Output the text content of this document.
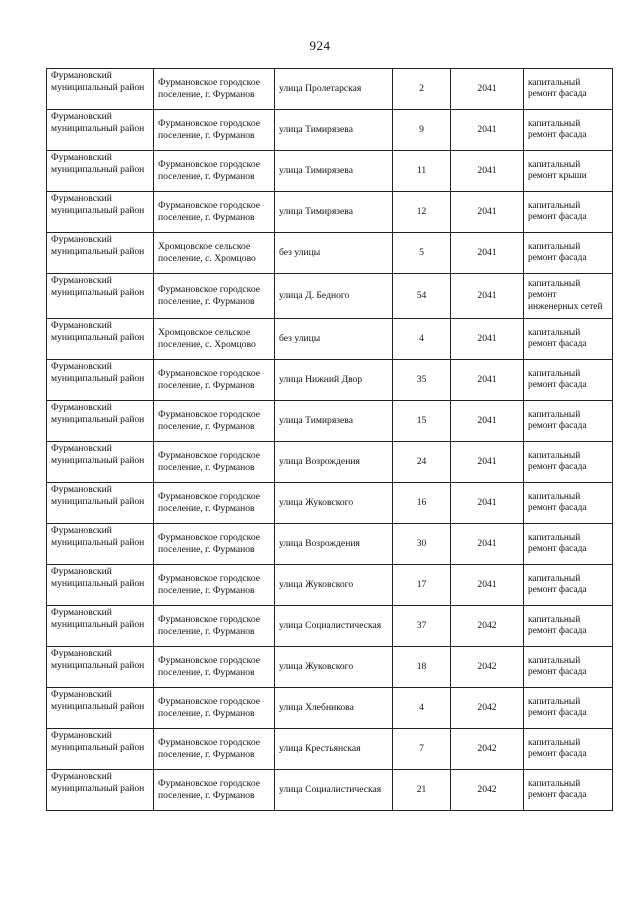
924
Фурмановский муниципальный район	Фурмановское городское поселение, г. Фурманов	улица Пролетарская	2	2041	капитальный ремонт фасада
Фурмановский муниципальный район	Фурмановское городское поселение, г. Фурманов	улица Тимирязева	9	2041	капитальный ремонт фасада
Фурмановский муниципальный район	Фурмановское городское поселение, г. Фурманов	улица Тимирязева	11	2041	капитальный ремонт крыши
Фурмановский муниципальный район	Фурмановское городское поселение, г. Фурманов	улица Тимирязева	12	2041	капитальный ремонт фасада
Фурмановский муниципальный район	Хромцовское сельское поселение, с. Хромцово	без улицы	5	2041	капитальный ремонт фасада
Фурмановский муниципальный район	Фурмановское городское поселение, г. Фурманов	улица Д. Бедного	54	2041	капитальный ремонт инженерных сетей
Фурмановский муниципальный район	Хромцовское сельское поселение, с. Хромцово	без улицы	4	2041	капитальный ремонт фасада
Фурмановский муниципальный район	Фурмановское городское поселение, г. Фурманов	улица Нижний Двор	35	2041	капитальный ремонт фасада
Фурмановский муниципальный район	Фурмановское городское поселение, г. Фурманов	улица Тимирязева	15	2041	капитальный ремонт фасада
Фурмановский муниципальный район	Фурмановское городское поселение, г. Фурманов	улица Возрождения	24	2041	капитальный ремонт фасада
Фурмановский муниципальный район	Фурмановское городское поселение, г. Фурманов	улица Жуковского	16	2041	капитальный ремонт фасада
Фурмановский муниципальный район	Фурмановское городское поселение, г. Фурманов	улица Возрождения	30	2041	капитальный ремонт фасада
Фурмановский муниципальный район	Фурмановское городское поселение, г. Фурманов	улица Жуковского	17	2041	капитальный ремонт фасада
Фурмановский муниципальный район	Фурмановское городское поселение, г. Фурманов	улица Социалистическая	37	2042	капитальный ремонт фасада
Фурмановский муниципальный район	Фурмановское городское поселение, г. Фурманов	улица Жуковского	18	2042	капитальный ремонт фасада
Фурмановский муниципальный район	Фурмановское городское поселение, г. Фурманов	улица Хлебникова	4	2042	капитальный ремонт фасада
Фурмановский муниципальный район	Фурмановское городское поселение, г. Фурманов	улица Крестьянская	7	2042	капитальный ремонт фасада
Фурмановский муниципальный район	Фурмановское городское поселение, г. Фурманов	улица Социалистическая	21	2042	капитальный ремонт фасада
